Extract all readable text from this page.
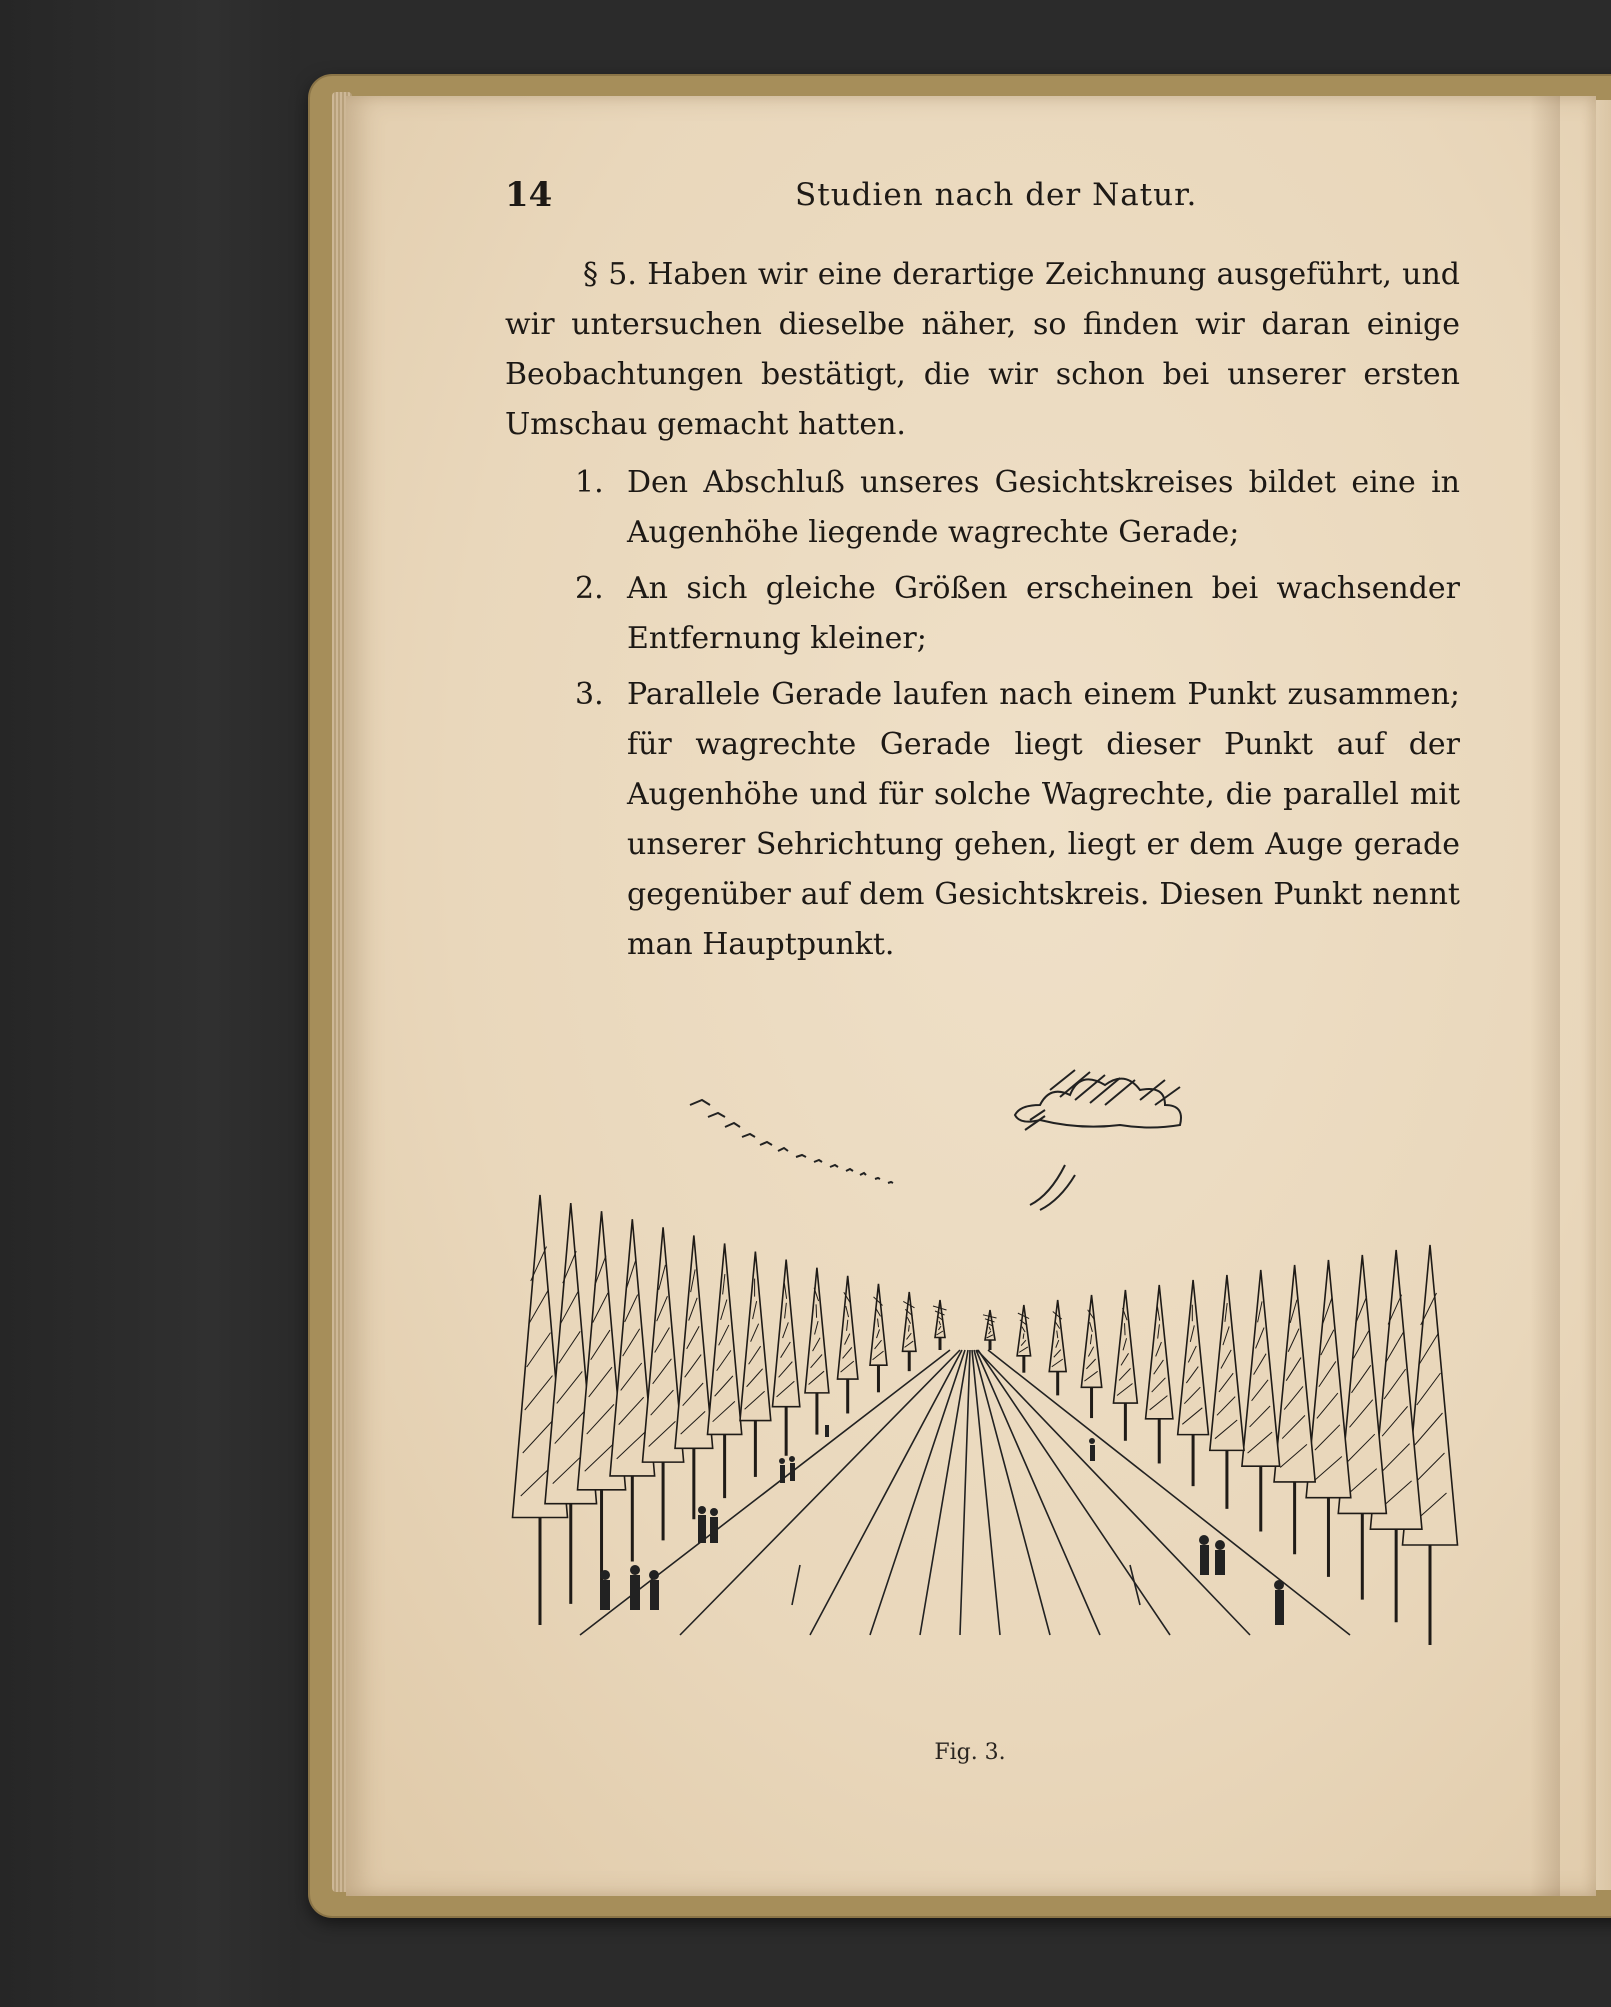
14	Studien nach der Natur.

§ 5. Haben wir eine derartige Zeichnung ausgeführt, und wir untersuchen dieselbe näher, so finden wir daran einige Beobachtungen bestätigt, die wir schon bei unserer ersten Umschau gemacht hatten.

1. Den Abschluß unseres Gesichtskreises bildet eine in Augenhöhe liegende wagrechte Gerade;
2. An sich gleiche Größen erscheinen bei wachsender Entfernung kleiner;
3. Parallele Gerade laufen nach einem Punkt zusammen; für wagrechte Gerade liegt dieser Punkt auf der Augenhöhe und für solche Wagrechte, die parallel mit unserer Sehrichtung gehen, liegt er dem Auge gerade gegenüber auf dem Gesichtskreis. Diesen Punkt nennt man Hauptpunkt.
Fig. 3.
